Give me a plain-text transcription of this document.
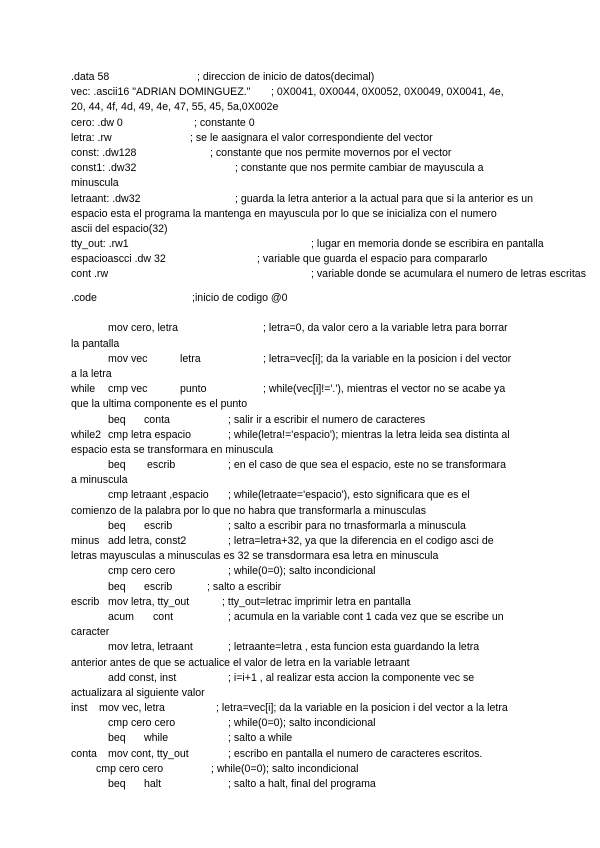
.data 58	; direccion de inicio de datos(decimal)
vec: .ascii16 "ADRIAN DOMINGUEZ." ; 0X0041, 0X0044, 0X0052, 0X0049, 0X0041, 4e,
20, 44, 4f, 4d, 49, 4e, 47, 55, 45, 5a,0X002e
cero: .dw 0	; constante 0
letra: .rw	; se le aasignara el valor correspondiente del vector
const: .dw128	; constante que nos permite movernos por el vector
const1: .dw32	; constante que nos permite cambiar de mayuscula a
minuscula
letraant: .dw32	; guarda la letra anterior a la actual para que si la anterior es un
espacio esta el programa la mantenga en mayuscula por lo que se inicializa con el numero
ascii del espacio(32)
tty_out: .rw1	; lugar en memoria donde se escribira en pantalla
espacioascci .dw 32	; variable que guarda el espacio para compararlo
cont .rw	; variable donde se acumulara el numero de letras escritas
.code	;inicio de codigo @0
mov cero, letra	; letra=0, da valor cero a la variable letra para borrar
la pantalla
mov vec	letra	; letra=vec[i]; da la variable en la posicion i del vector
a la letra
while cmp vec	punto	; while(vec[i]!='.'), mientras el vector no se acabe ya
que la ultima componente es el punto
beq conta	; salir ir a escribir el numero de caracteres
while2 cmp letra espacio	; while(letra!='espacio'); mientras la letra leida sea distinta al
espacio esta se transformara en minuscula
beq escrib	; en el caso de que sea el espacio, este no se transformara
a minuscula
cmp letraant ,espacio ; while(letraate='espacio'), esto significara que es el
comienzo de la palabra por lo que no habra que transformarla a minusculas
beq escrib	; salto a escribir para no trnasformarla a minuscula
minus add letra, const2	; letra=letra+32, ya que la diferencia en el codigo asci de
letras mayusculas a minusculas es 32 se transdormara esa letra en minuscula
cmp cero cero	; while(0=0); salto incondicional
beq escrib	; salto a escribir
escrib mov letra, tty_out	; tty_out=letrac imprimir letra en pantalla
acum cont	; acumula en la variable cont 1 cada vez que se escribe un
caracter
mov letra, letraant	; letraante=letra , esta funcion esta guardando la letra
anterior antes de que se actualice el valor de letra en la variable letraant
add const, inst	; i=i+1 , al realizar esta accion la componente vec se
actualizara al siguiente valor
inst mov vec, letra	; letra=vec[i]; da la variable en la posicion i del vector a la letra
cmp cero cero	; while(0=0); salto incondicional
beq while	; salto a while
conta mov cont, tty_out	; escribo en pantalla el numero de caracteres escritos.
cmp cero cero	; while(0=0); salto incondicional
beq halt	; salto a halt, final del programa
